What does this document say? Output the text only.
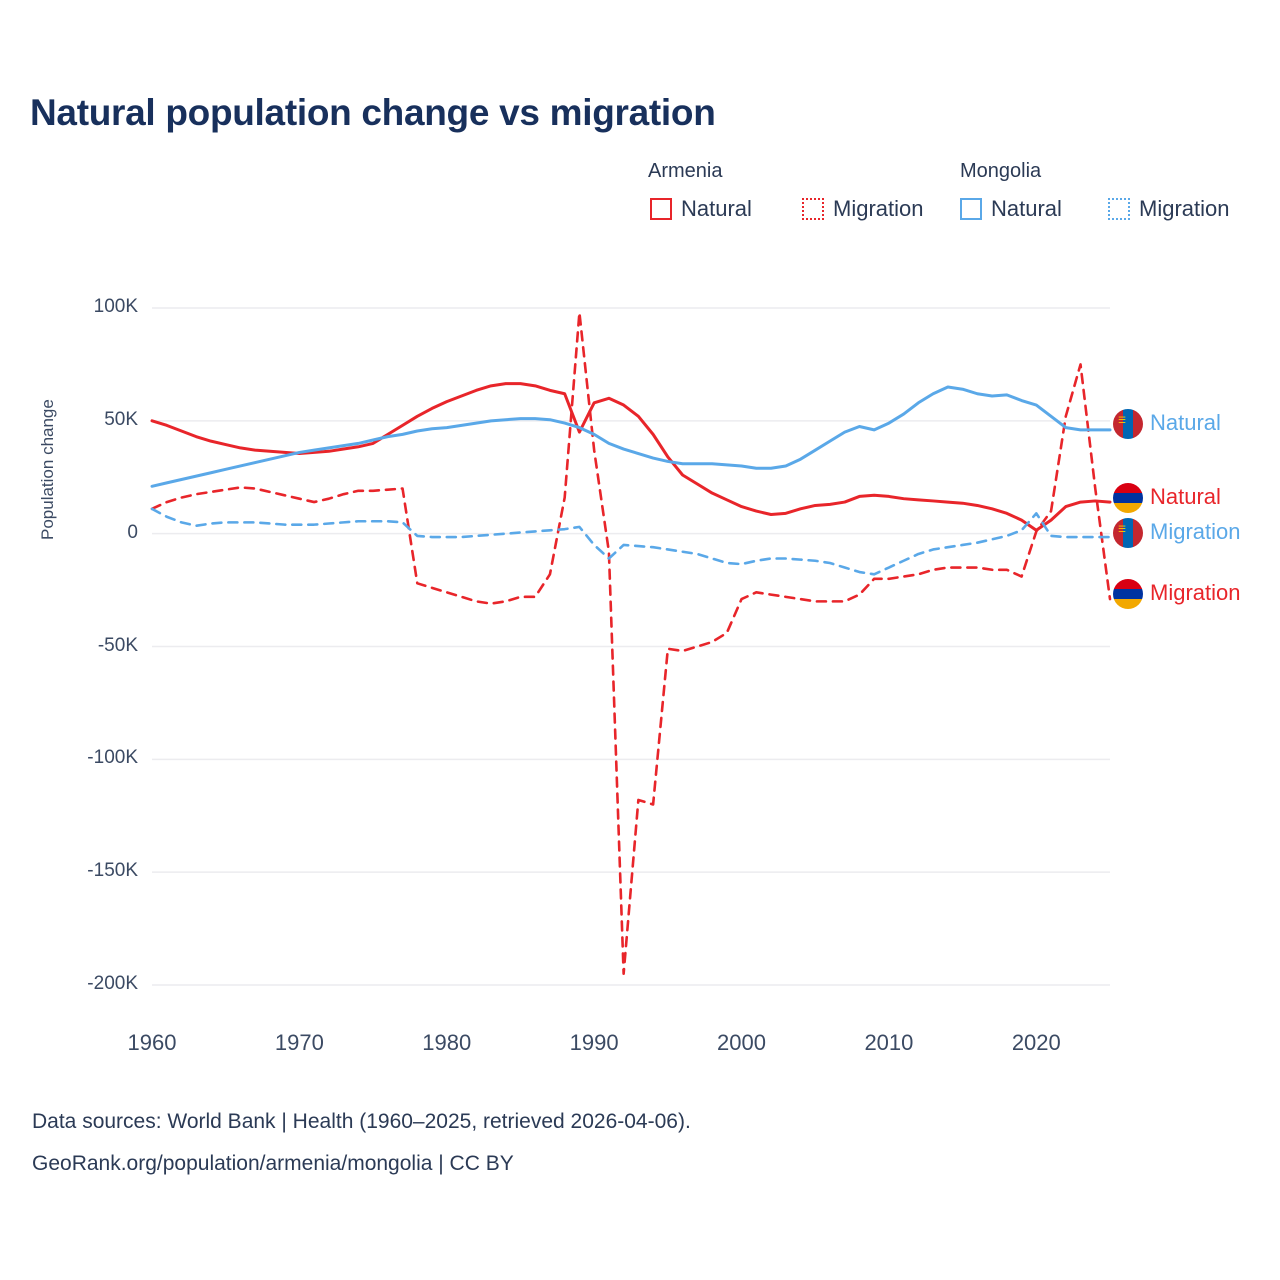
Natural population change vs migration
Armenia	Mongolia
Natural	Migration	Natural	Migration
Population change
-200K
-150K
-100K
-50K
0
50K
100K
1960	1970	1980	1990	2000	2010	2020
☰ Natural
Natural
☰ Migration
Migration
Data sources: World Bank | Health (1960–2025, retrieved 2026-04-06).
GeoRank.org/population/armenia/mongolia | CC BY
